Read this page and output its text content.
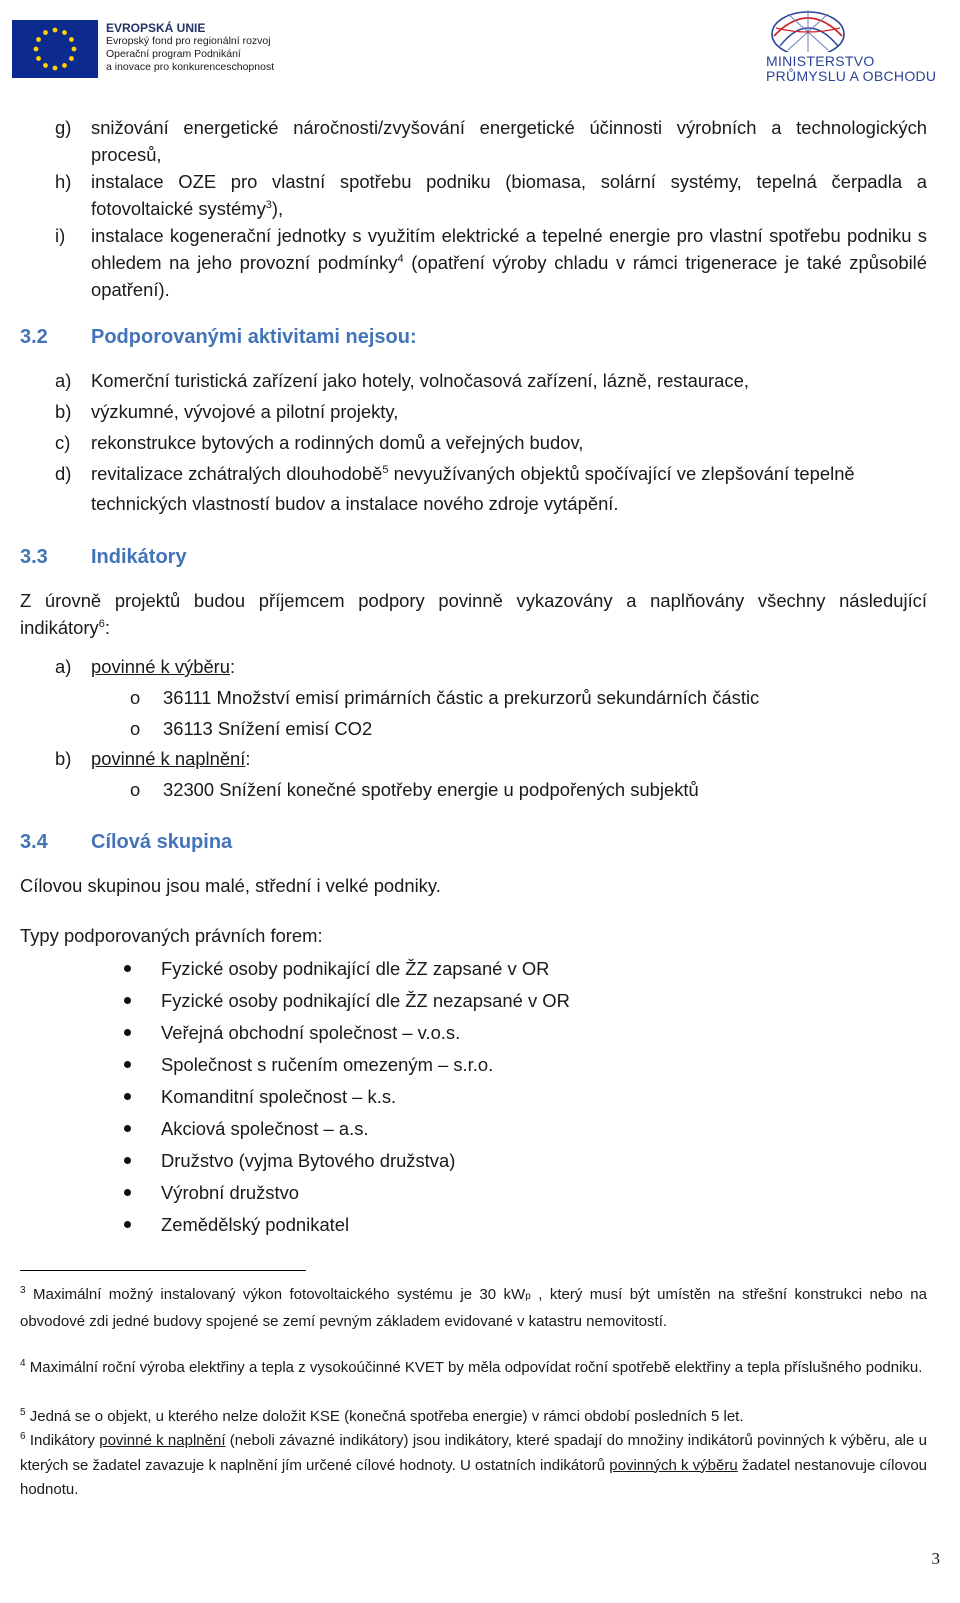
EVROPSKÁ UNIE
Evropský fond pro regionální rozvoj
Operační program Podnikání
a inovace pro konkurenceschopnost	MINISTERSTVO
PRŮMYSLU A OBCHODU
g) snižování energetické náročnosti/zvyšování energetické účinnosti výrobních a technologických procesů,
h) instalace OZE pro vlastní spotřebu podniku (biomasa, solární systémy, tepelná čerpadla a fotovoltaické systémy$^3$),
i) instalace kogenerační jednotky s využitím elektrické a tepelné energie pro vlastní spotřebu podniku s ohledem na jeho provozní podmínky$^4$ (opatření výroby chladu v rámci trigenerace je také způsobilé opatření).
3.2 Podporovanými aktivitami nejsou:
a) Komerční turistická zařízení jako hotely, volnočasová zařízení, lázně, restaurace,
b) výzkumné, vývojové a pilotní projekty,
c) rekonstrukce bytových a rodinných domů a veřejných budov,
d) revitalizace zchátralých dlouhodobě$^5$ nevyužívaných objektů spočívající ve zlepšování tepelně
technických vlastností budov a instalace nového zdroje vytápění.
3.3 Indikátory
Z úrovně projektů budou příjemcem podpory povinně vykazovány a naplňovány všechny následující indikátory$^6$:
a) povinné k výběru:
o 36111 Množství emisí primárních částic a prekurzorů sekundárních částic
o 36113 Snížení emisí CO2
b) povinné k naplnění:
o 32300 Snížení konečné spotřeby energie u podpořených subjektů
3.4 Cílová skupina
Cílovou skupinou jsou malé, střední i velké podniky.
Typy podporovaných právních forem:
Fyzické osoby podnikající dle ŽZ zapsané v OR
Fyzické osoby podnikající dle ŽZ nezapsané v OR
Veřejná obchodní společnost – v.o.s.
Společnost s ručením omezeným – s.r.o.
Komanditní společnost – k.s.
Akciová společnost – a.s.
Družstvo (vyjma Bytového družstva)
Výrobní družstvo
Zemědělský podnikatel
$^3$ Maximální možný instalovaný výkon fotovoltaického systému je 30 kWp , který musí být umístěn na střešní konstrukci nebo na obvodové zdi jedné budovy spojené se zemí pevným základem evidované v katastru nemovitostí.
$^4$ Maximální roční výroba elektřiny a tepla z vysokoúčinné KVET by měla odpovídat roční spotřebě elektřiny a tepla příslušného podniku.
$^5$ Jedná se o objekt, u kterého nelze doložit KSE (konečná spotřeba energie) v rámci období posledních 5 let.
$^6$ Indikátory povinné k naplnění (neboli závazné indikátory) jsou indikátory, které spadají do množiny indikátorů povinných k výběru, ale u kterých se žadatel zavazuje k naplnění jím určené cílové hodnoty. U ostatních indikátorů povinných k výběru žadatel nestanovuje cílovou hodnotu.
3
